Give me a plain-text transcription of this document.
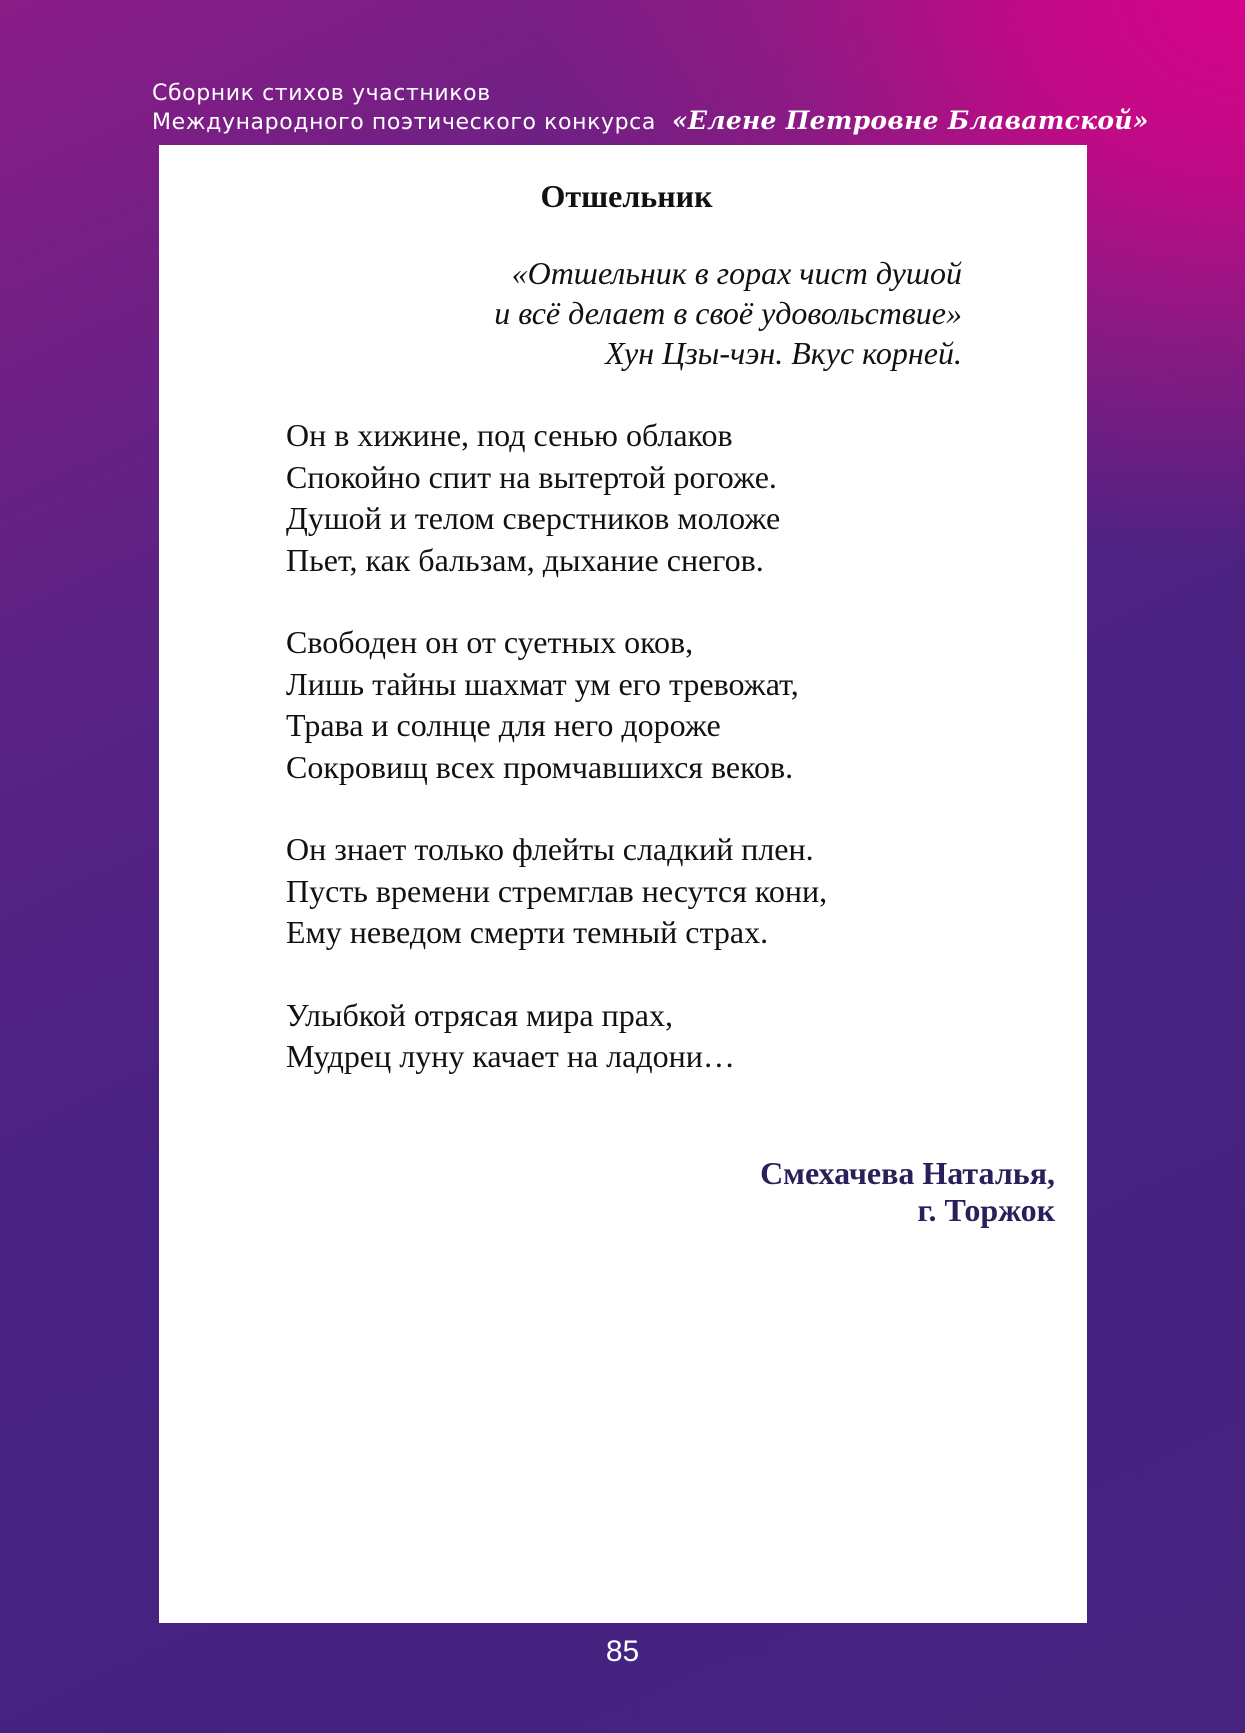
Сборник стихов участников
Международного поэтического конкурса «Елене Петровне Блаватской»
Отшельник
«Отшельник в горах чист душой
и всё делает в своё удовольствие»
Хун Цзы-чэн. Вкус корней.
Он в хижине, под сенью облаков
Спокойно спит на вытертой рогоже.
Душой и телом сверстников моложе
Пьет, как бальзам, дыхание снегов.
Свободен он от суетных оков,
Лишь тайны шахмат ум его тревожат,
Трава и солнце для него дороже
Сокровищ всех промчавшихся веков.
Он знает только флейты сладкий плен.
Пусть времени стремглав несутся кони,
Ему неведом смерти темный страх.
Улыбкой отрясая мира прах,
Мудрец луну качает на ладони…
Смехачева Наталья,
г. Торжок
85
